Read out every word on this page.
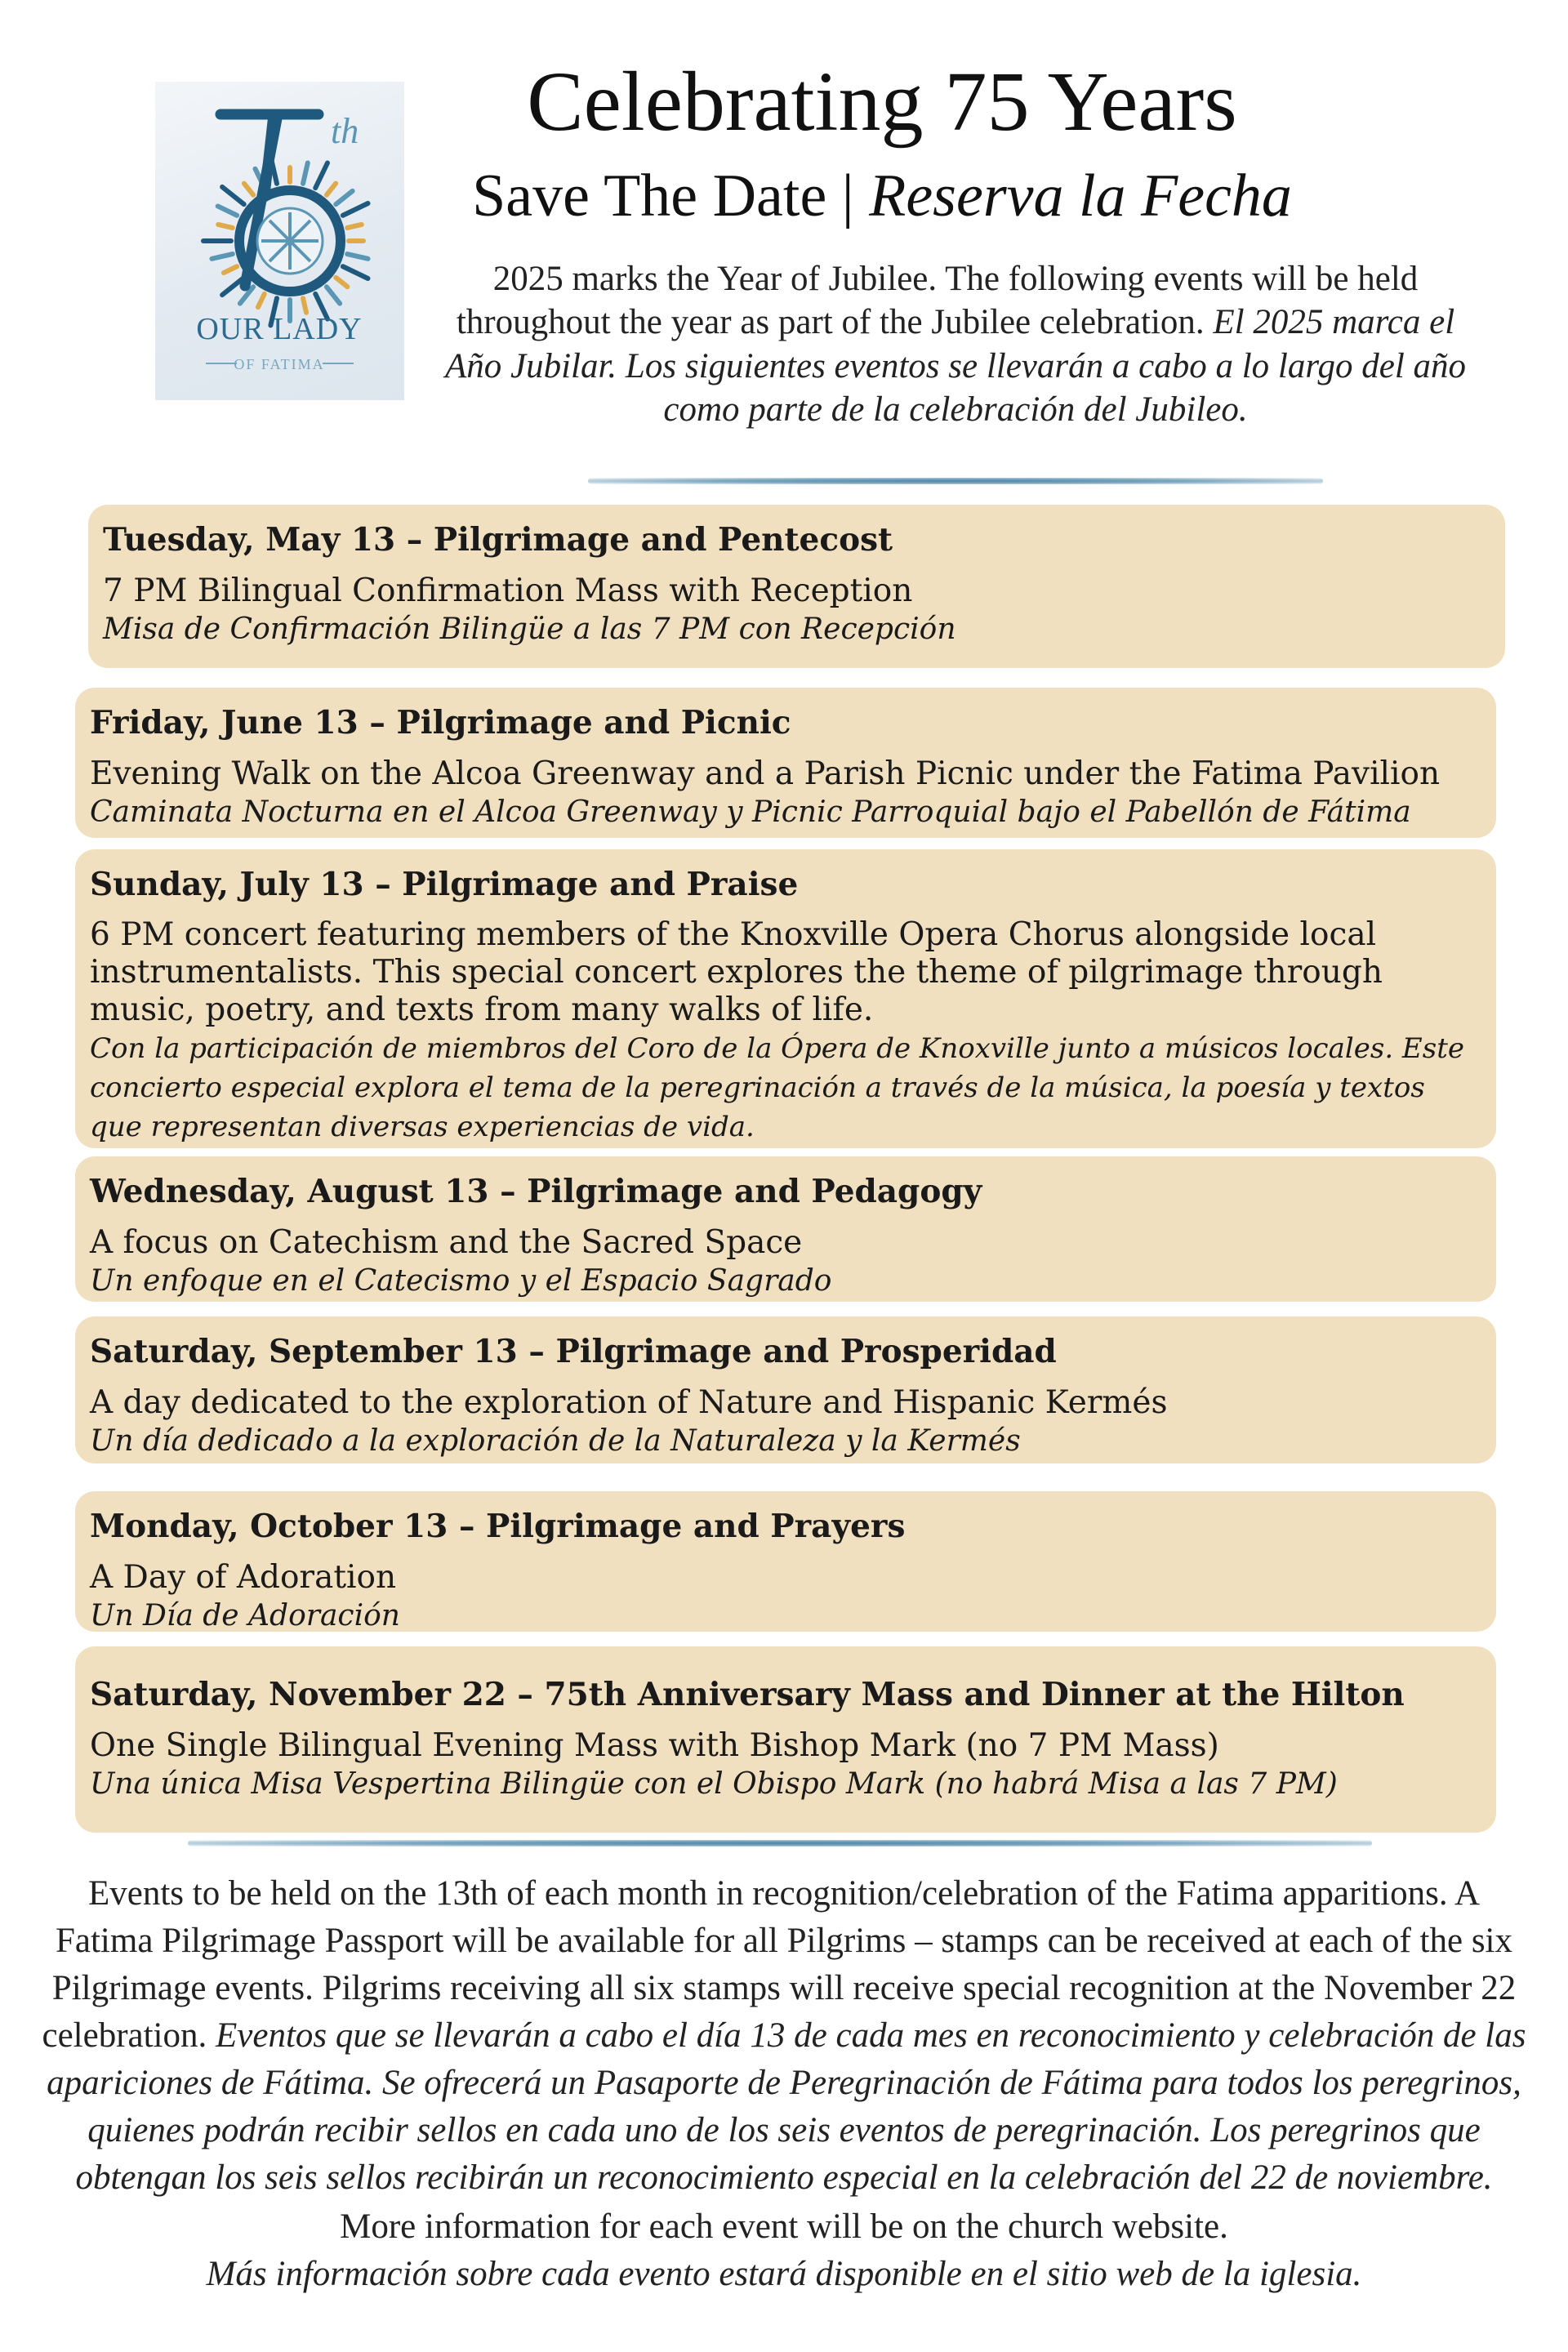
th
OUR LADY
OF FATIMA
Celebrating 75 Years
Save The Date | Reserva la Fecha
2025 marks the Year of Jubilee. The following events will be held throughout the year as part of the Jubilee celebration. El 2025 marca el Año Jubilar. Los siguientes eventos se llevarán a cabo a lo largo del año como parte de la celebración del Jubileo.
Tuesday, May 13 – Pilgrimage and Pentecost
7 PM Bilingual Confirmation Mass with Reception
Misa de Confirmación Bilingüe a las 7 PM con Recepción
Friday, June 13 – Pilgrimage and Picnic
Evening Walk on the Alcoa Greenway and a Parish Picnic under the Fatima Pavilion
Caminata Nocturna en el Alcoa Greenway y Picnic Parroquial bajo el Pabellón de Fátima
Sunday, July 13 – Pilgrimage and Praise
6 PM concert featuring members of the Knoxville Opera Chorus alongside local instrumentalists. This special concert explores the theme of pilgrimage through music, poetry, and texts from many walks of life.
Con la participación de miembros del Coro de la Ópera de Knoxville junto a músicos locales. Este concierto especial explora el tema de la peregrinación a través de la música, la poesía y textos que representan diversas experiencias de vida.
Wednesday, August 13 – Pilgrimage and Pedagogy
A focus on Catechism and the Sacred Space
Un enfoque en el Catecismo y el Espacio Sagrado
Saturday, September 13 – Pilgrimage and Prosperidad
A day dedicated to the exploration of Nature and Hispanic Kermés
Un día dedicado a la exploración de la Naturaleza y la Kermés
Monday, October 13 – Pilgrimage and Prayers
A Day of Adoration
Un Día de Adoración
Saturday, November 22 – 75th Anniversary Mass and Dinner at the Hilton
One Single Bilingual Evening Mass with Bishop Mark (no 7 PM Mass)
Una única Misa Vespertina Bilingüe con el Obispo Mark (no habrá Misa a las 7 PM)
Events to be held on the 13th of each month in recognition/celebration of the Fatima apparitions. A Fatima Pilgrimage Passport will be available for all Pilgrims – stamps can be received at each of the six Pilgrimage events. Pilgrims receiving all six stamps will receive special recognition at the November 22 celebration. Eventos que se llevarán a cabo el día 13 de cada mes en reconocimiento y celebración de las apariciones de Fátima. Se ofrecerá un Pasaporte de Peregrinación de Fátima para todos los peregrinos, quienes podrán recibir sellos en cada uno de los seis eventos de peregrinación. Los peregrinos que obtengan los seis sellos recibirán un reconocimiento especial en la celebración del 22 de noviembre.
More information for each event will be on the church website.
Más información sobre cada evento estará disponible en el sitio web de la iglesia.
